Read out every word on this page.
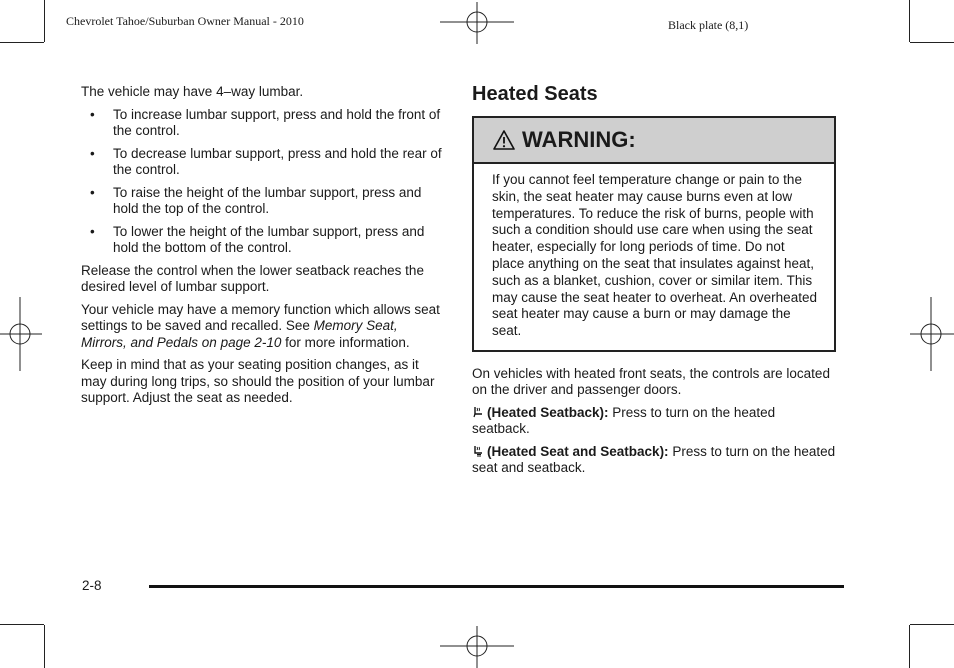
Chevrolet Tahoe/Suburban Owner Manual - 2010	Black plate (8,1)

The vehicle may have 4–way lumbar.

• To increase lumbar support, press and hold the front of the control.
• To decrease lumbar support, press and hold the rear of the control.
• To raise the height of the lumbar support, press and hold the top of the control.
• To lower the height of the lumbar support, press and hold the bottom of the control.

Release the control when the lower seatback reaches the desired level of lumbar support.

Your vehicle may have a memory function which allows seat settings to be saved and recalled. See Memory Seat, Mirrors, and Pedals on page 2-10 for more information.

Keep in mind that as your seating position changes, as it may during long trips, so should the position of your lumbar support. Adjust the seat as needed.

Heated Seats
WARNING:
If you cannot feel temperature change or pain to the skin, the seat heater may cause burns even at low temperatures. To reduce the risk of burns, people with such a condition should use care when using the seat heater, especially for long periods of time. Do not place anything on the seat that insulates against heat, such as a blanket, cushion, cover or similar item. This may cause the seat heater to overheat. An overheated seat heater may cause a burn or may damage the seat.

On vehicles with heated front seats, the controls are located on the driver and passenger doors.

(Heated Seatback): Press to turn on the heated seatback.

(Heated Seat and Seatback): Press to turn on the heated seat and seatback.

2-8
